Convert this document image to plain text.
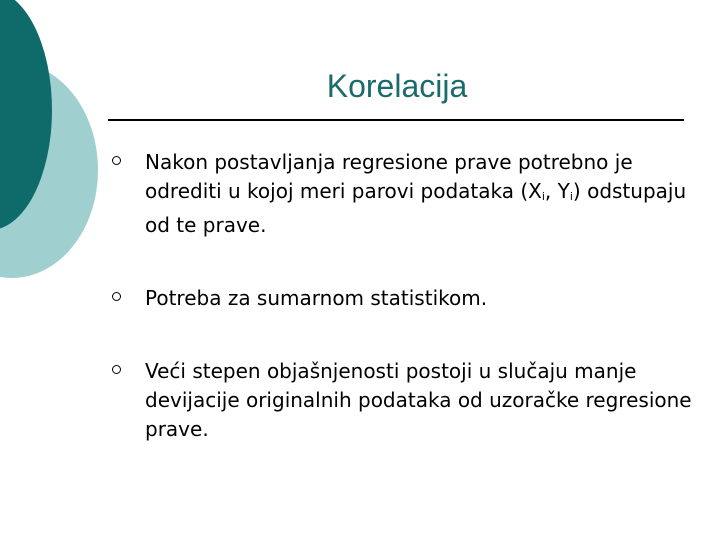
Korelacija
Nakon postavljanja regresione prave potrebno je odrediti u kojoj meri parovi podataka ($X_i$, $Y_i$) odstupaju od te prave.
Potreba za sumarnom statistikom.
Veći stepen objašnjenosti postoji u slučaju manje devijacije originalnih podataka od uzoračke regresione prave.
